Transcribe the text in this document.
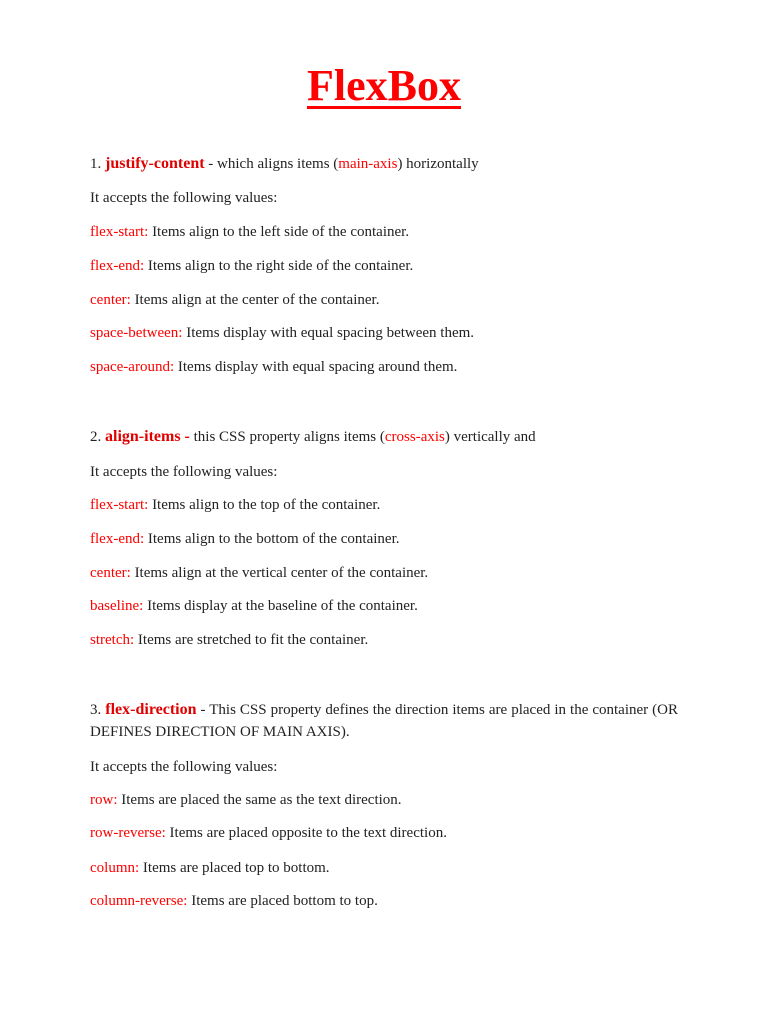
FlexBox

1. justify-content - which aligns items (main-axis) horizontally

It accepts the following values:

flex-start: Items align to the left side of the container.

flex-end: Items align to the right side of the container.

center: Items align at the center of the container.

space-between: Items display with equal spacing between them.

space-around: Items display with equal spacing around them.

2. align-items - this CSS property aligns items (cross-axis) vertically and

It accepts the following values:

flex-start: Items align to the top of the container.

flex-end: Items align to the bottom of the container.

center: Items align at the vertical center of the container.

baseline: Items display at the baseline of the container.

stretch: Items are stretched to fit the container.

3. flex-direction - This CSS property defines the direction items are placed in the container (OR DEFINES DIRECTION OF MAIN AXIS).

It accepts the following values:

row: Items are placed the same as the text direction.

row-reverse: Items are placed opposite to the text direction.

column: Items are placed top to bottom.

column-reverse: Items are placed bottom to top.
